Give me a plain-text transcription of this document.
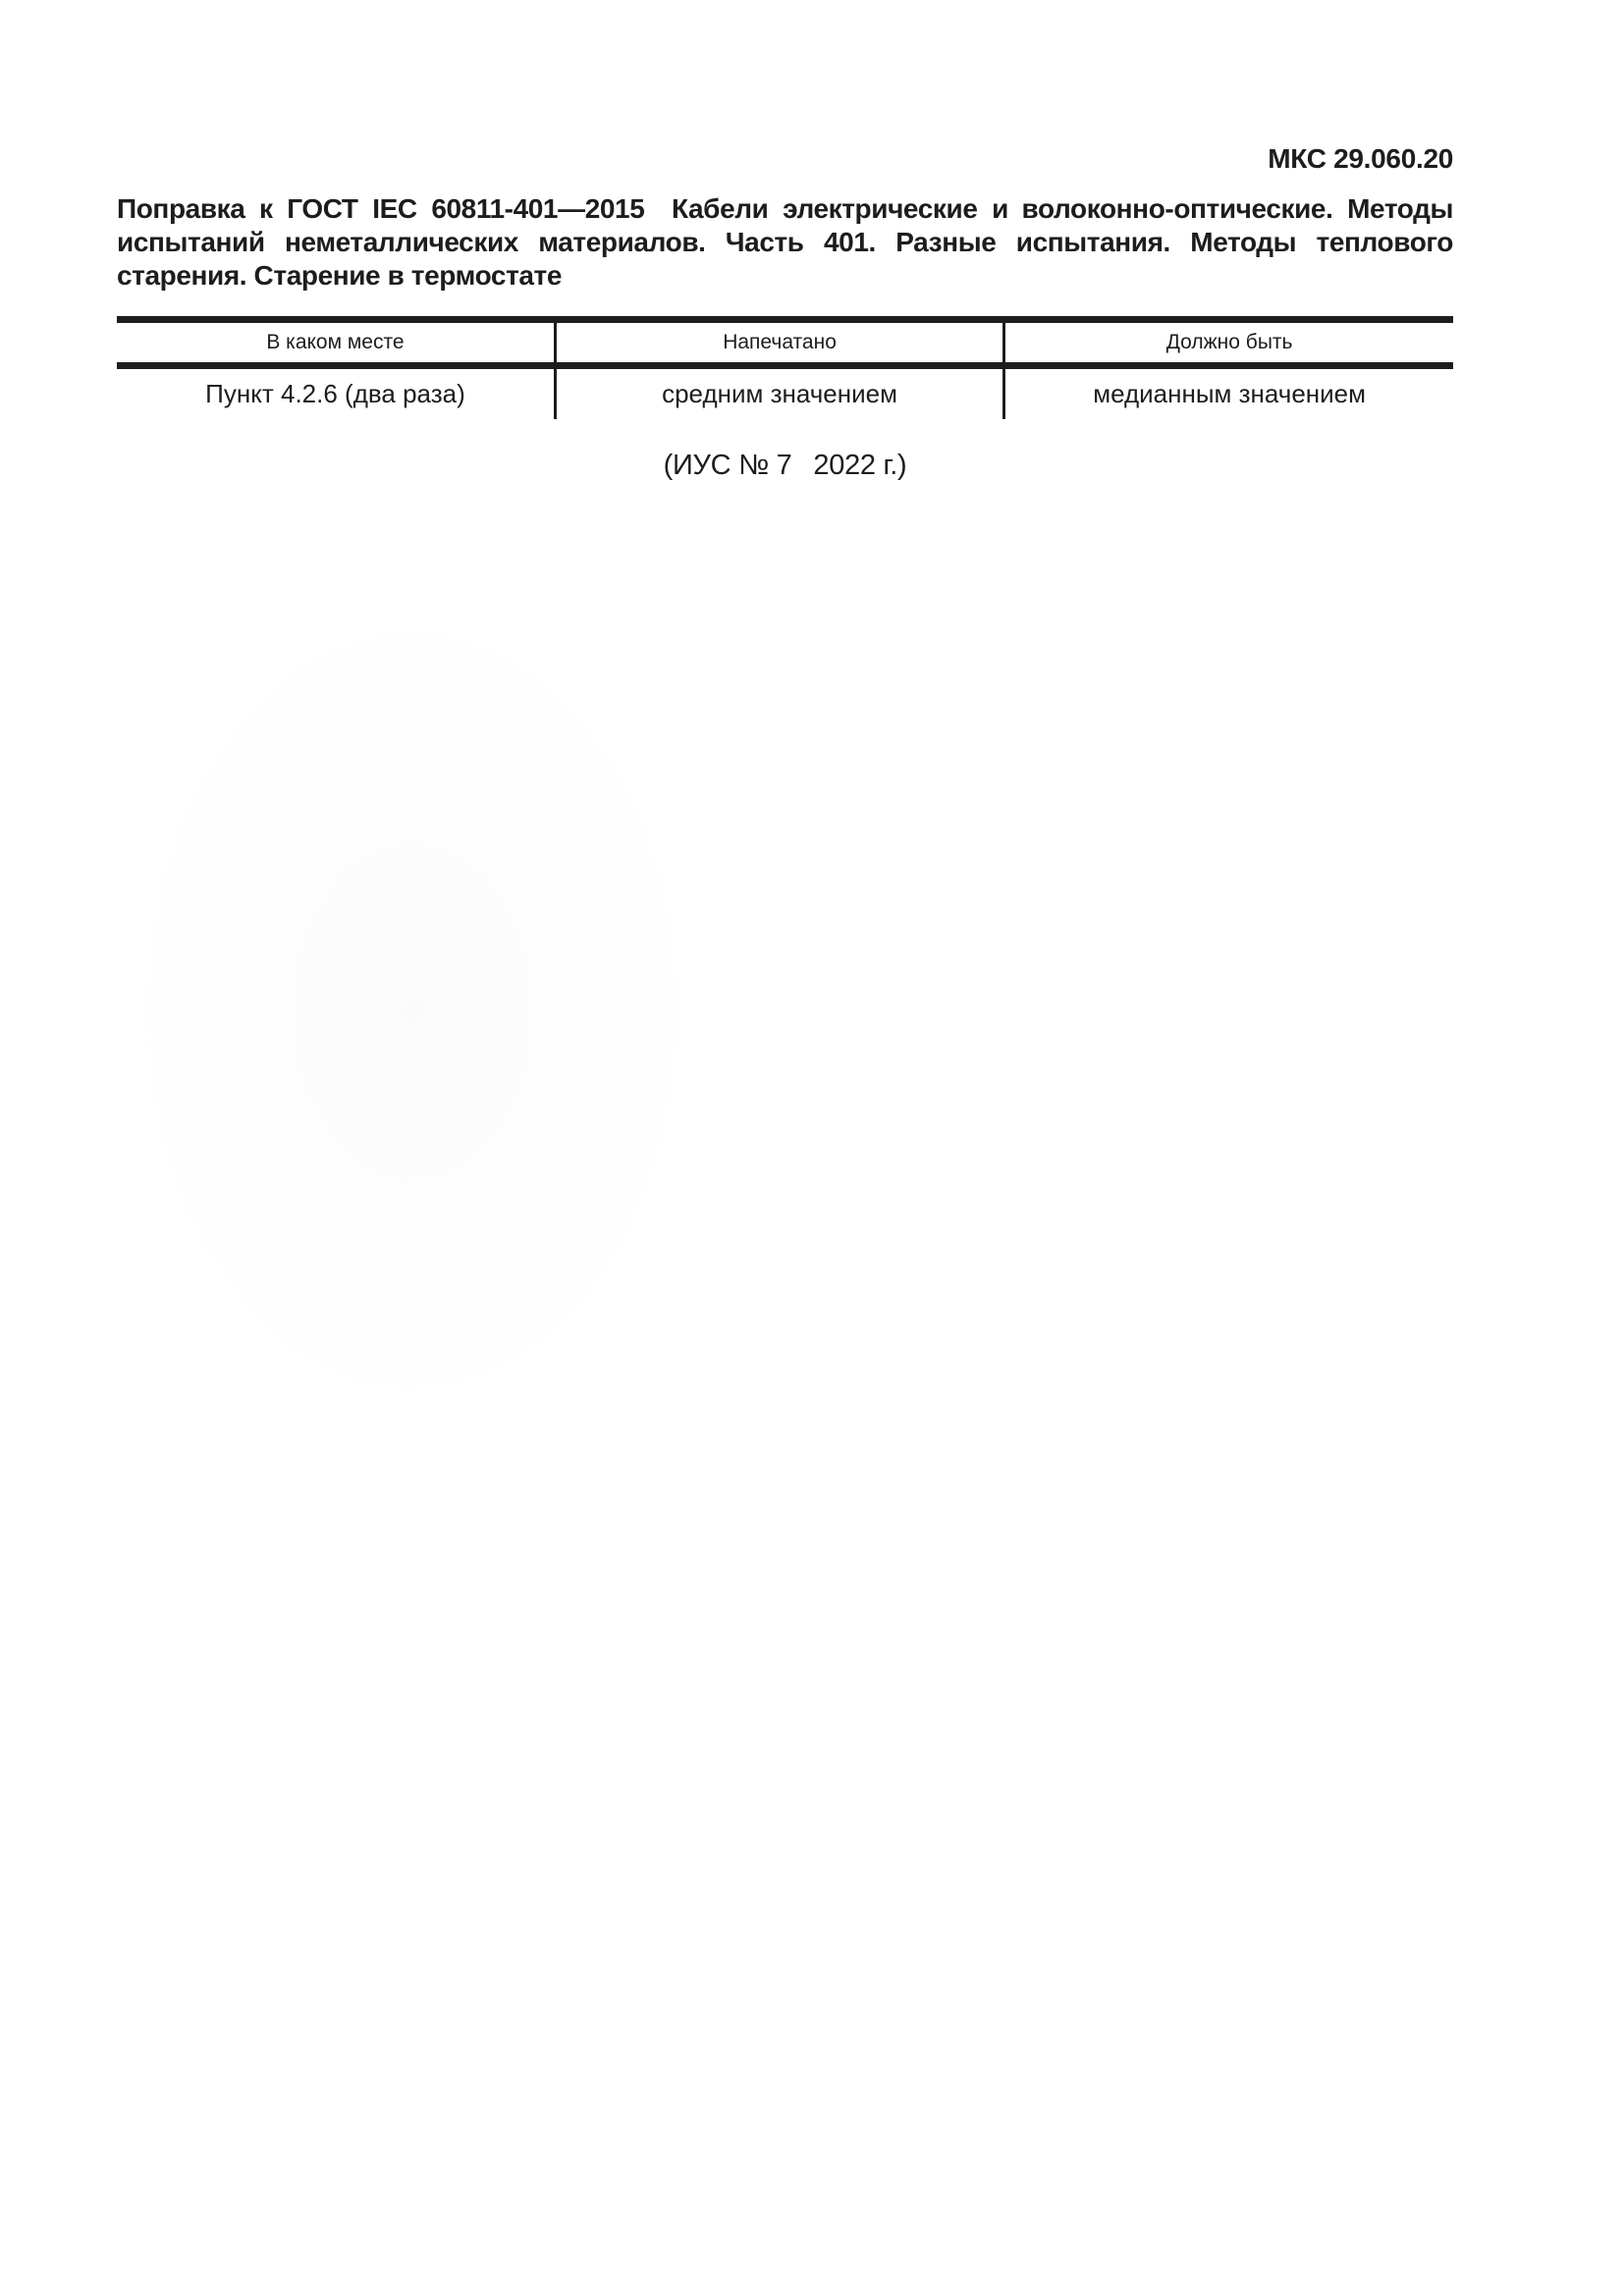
МКС 29.060.20

Поправка к ГОСТ IEC 60811-401—2015 Кабели электрические и волоконно-оптические. Методы испытаний неметаллических материалов. Часть 401. Разные испытания. Методы теплового старения. Старение в термостате

В каком месте	Напечатано	Должно быть
Пункт 4.2.6 (два раза)	средним значением	медианным значением
(ИУС № 7  2022 г.)
